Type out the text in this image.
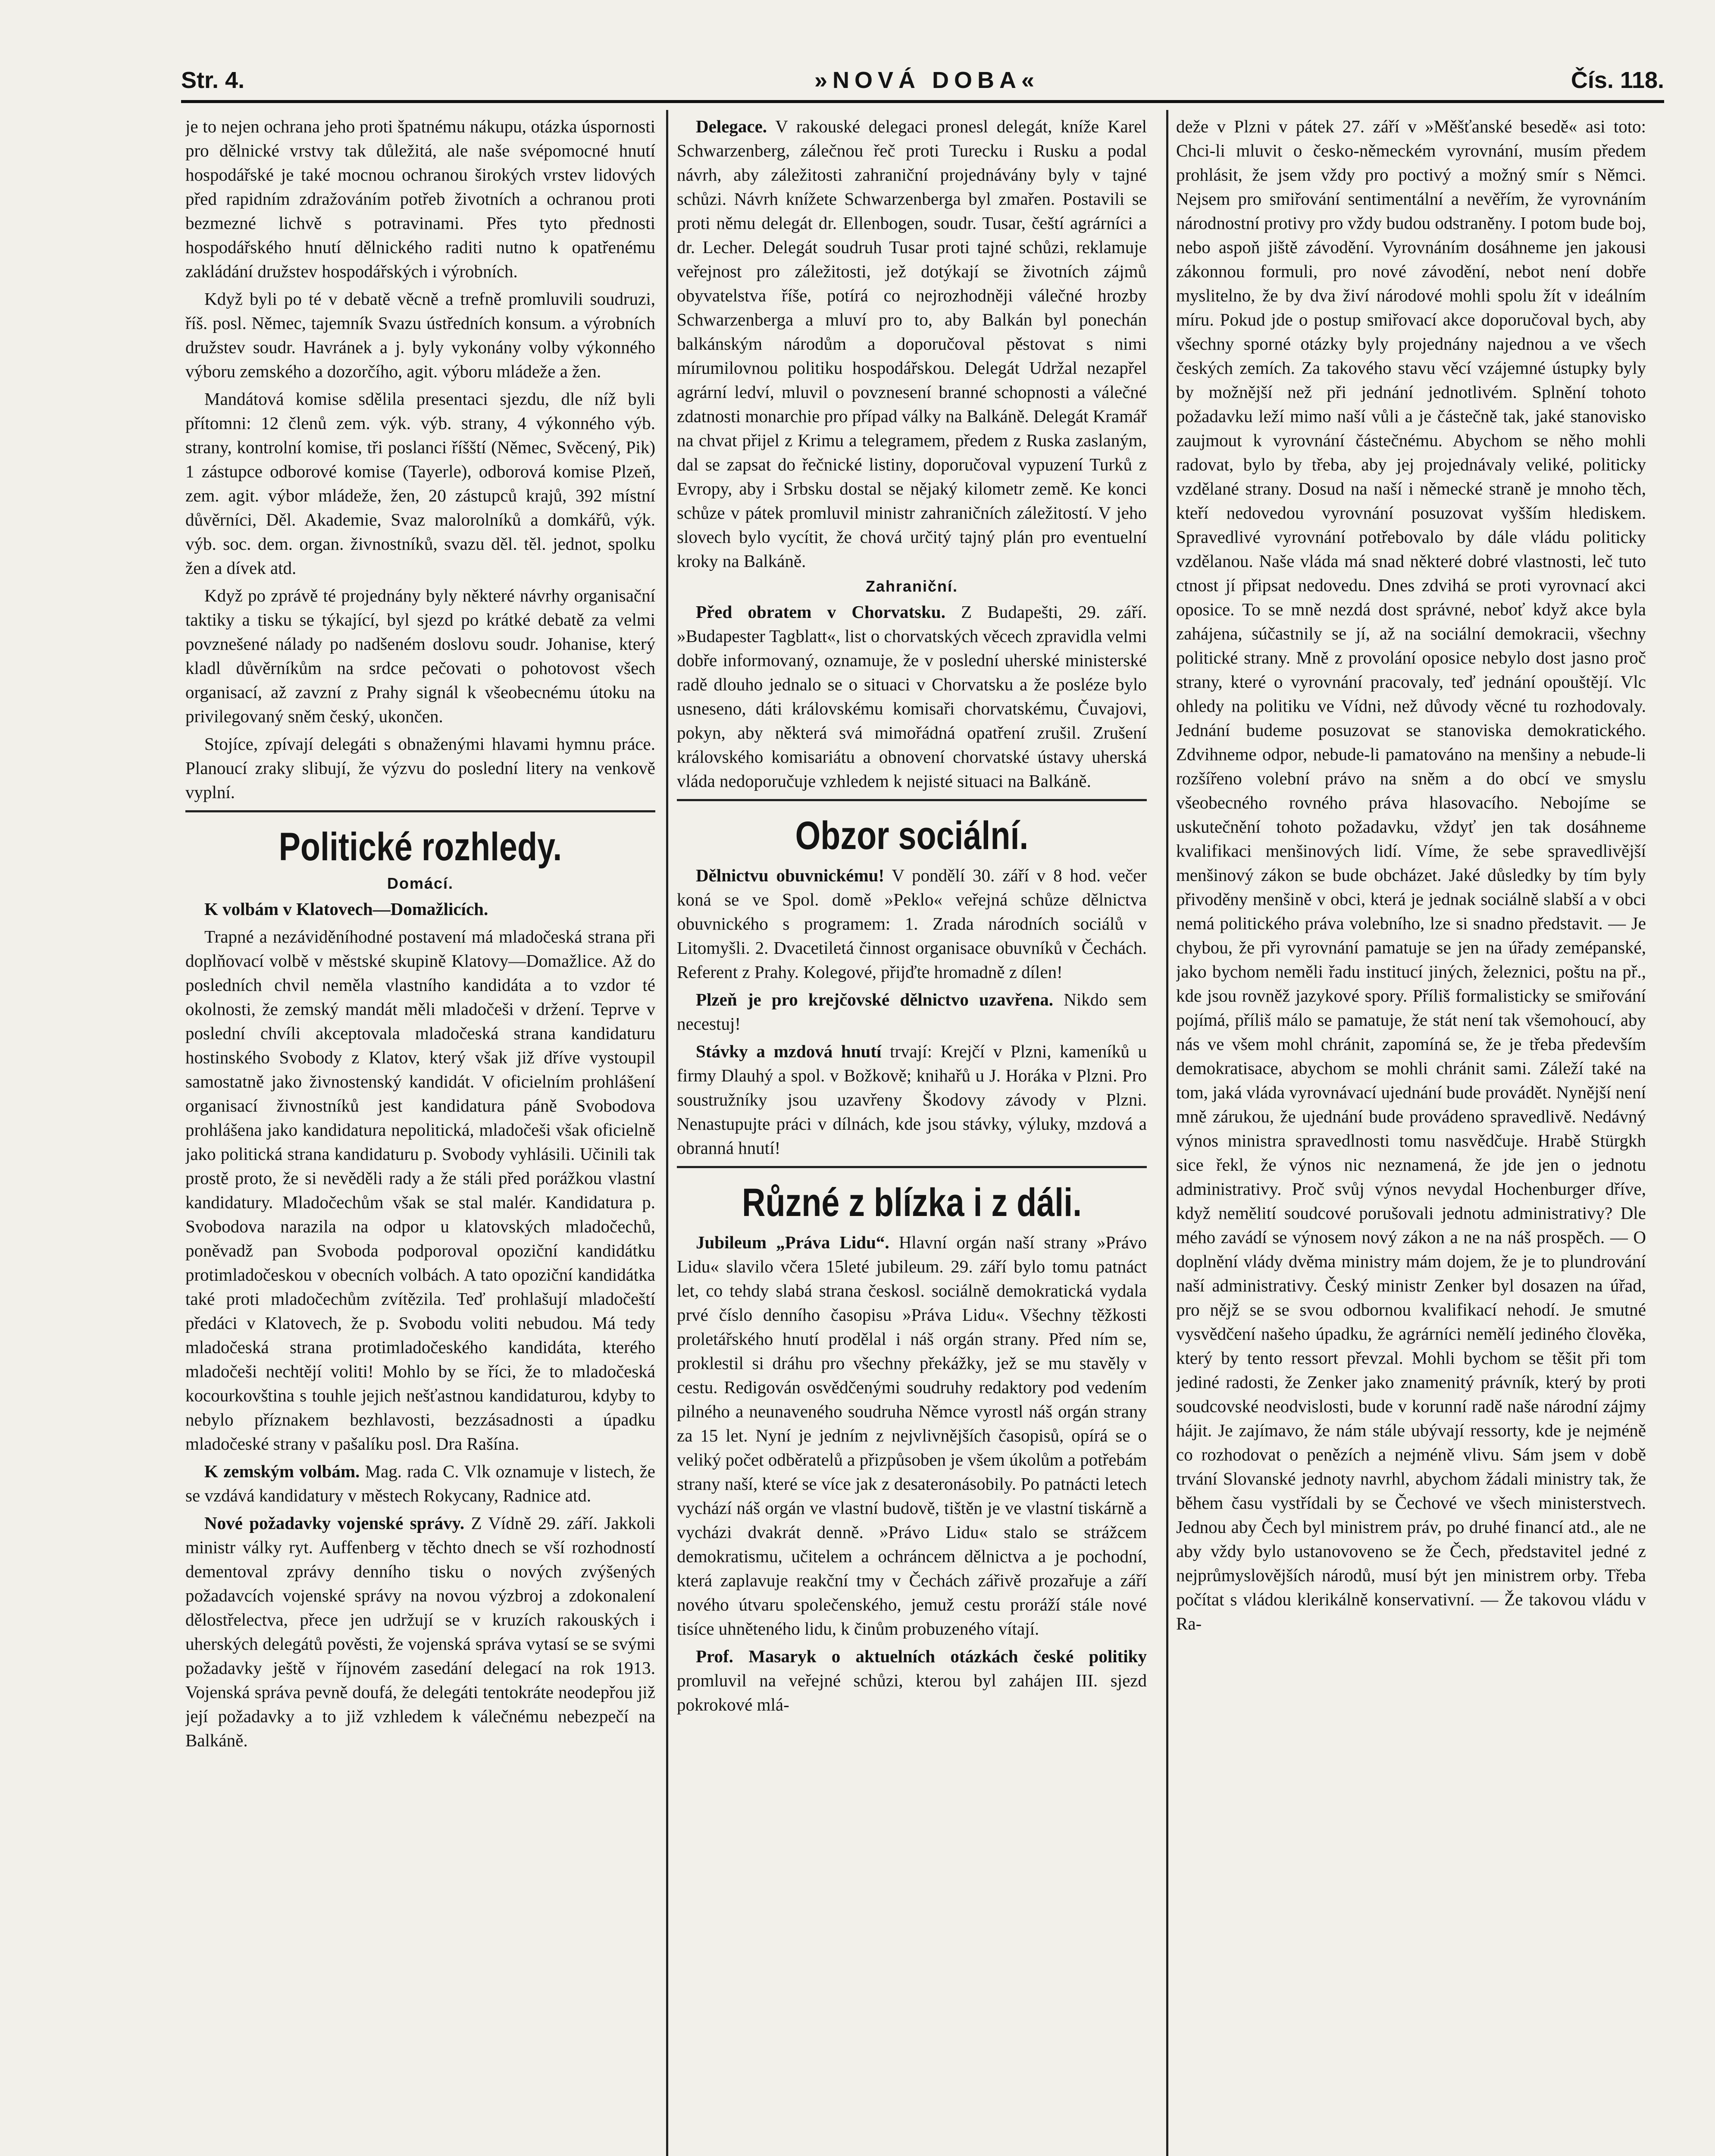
Str. 4.	»NOVÁ DOBA«	Čís. 118.

je to nejen ochrana jeho proti špatnému nákupu, otázka úspornosti pro dělnické vrstvy tak důležitá, ale naše svépomocné hnutí hospodářské je také mocnou ochranou širokých vrstev lidových před rapidním zdražováním potřeb životních a ochranou proti bezmezné lichvě s potravinami. Přes tyto přednosti hospodářského hnutí dělnického raditi nutno k opatřenému zakládání družstev hospodářských i výrobních.

Když byli po té v debatě věcně a trefně promluvili soudruzi, říš. posl. Němec, tajemník Svazu ústředních konsum. a výrobních družstev soudr. Havránek a j. byly vykonány volby výkonného výboru zemského a dozorčího, agit. výboru mládeže a žen.

Mandátová komise sdělila presentaci sjezdu, dle níž byli přítomni: 12 členů zem. výk. výb. strany, 4 výkonného výb. strany, kontrolní komise, tři poslanci říšští (Němec, Svěcený, Pik) 1 zástupce odborové komise (Tayerle), odborová komise Plzeň, zem. agit. výbor mládeže, žen, 20 zástupců krajů, 392 místní důvěrníci, Děl. Akademie, Svaz malorolníků a domkářů, výk. výb. soc. dem. organ. živnostníků, svazu děl. těl. jednot, spolku žen a dívek atd.

Když po zprávě té projednány byly některé návrhy organisační taktiky a tisku se týkající, byl sjezd po krátké debatě za velmi povznešené nálady po nadšeném doslovu soudr. Johanise, který kladl důvěrníkům na srdce pečovati o pohotovost všech organisací, až zavzní z Prahy signál k všeobecnému útoku na privilegovaný sněm český, ukončen.

Stojíce, zpívají delegáti s obnaženými hlavami hymnu práce. Planoucí zraky slibují, že výzvu do poslední litery na venkově vyplní.

Politické rozhledy.
Domácí.

K volbám v Klatovech—Domažlicích.

Trapné a nezáviděníhodné postavení má mladočeská strana při doplňovací volbě v městské skupině Klatovy—Domažlice. Až do posledních chvil neměla vlastního kandidáta a to vzdor té okolnosti, že zemský mandát měli mladočeši v držení. Teprve v poslední chvíli akceptovala mladočeská strana kandidaturu hostinského Svobody z Klatov, který však již dříve vystoupil samostatně jako živnostenský kandidát. V oficielním prohlášení organisací živnostníků jest kandidatura páně Svobodova prohlášena jako kandidatura nepolitická, mladočeši však oficielně jako politická strana kandidaturu p. Svobody vyhlásili. Učinili tak prostě proto, že si nevěděli rady a že stáli před porážkou vlastní kandidatury. Mladočechům však se stal malér. Kandidatura p. Svobodova narazila na odpor u klatovských mladočechů, poněvadž pan Svoboda podporoval opoziční kandidátku protimladočeskou v obecních volbách. A tato opoziční kandidátka také proti mladočechům zvítězila. Teď prohlašují mladočeští předáci v Klatovech, že p. Svobodu voliti nebudou. Má tedy mladočeská strana protimladočeského kandidáta, kterého mladočeši nechtějí voliti! Mohlo by se říci, že to mladočeská kocourkovština s touhle jejich nešťastnou kandidaturou, kdyby to nebylo příznakem bezhlavosti, bezzásadnosti a úpadku mladočeské strany v pašalíku posl. Dra Rašína.

K zemským volbám. Mag. rada C. Vlk oznamuje v listech, že se vzdává kandidatury v městech Rokycany, Radnice atd.

Nové požadavky vojenské správy. Z Vídně 29. září. Jakkoli ministr války ryt. Auffenberg v těchto dnech se vší rozhodností dementoval zprávy denního tisku o nových zvýšených požadavcích vojenské správy na novou výzbroj a zdokonalení dělostřelectva, přece jen udržují se v kruzích rakouských i uherských delegátů pověsti, že vojenská správa vytasí se se svými požadavky ještě v říjnovém zasedání delegací na rok 1913. Vojenská správa pevně doufá, že delegáti tentokráte neodepřou již její požadavky a to již vzhledem k válečnému nebezpečí na Balkáně.

Delegace. V rakouské delegaci pronesl delegát, kníže Karel Schwarzenberg, zálečnou řeč proti Turecku i Rusku a podal návrh, aby záležitosti zahraniční projednávány byly v tajné schůzi. Návrh knížete Schwarzenberga byl zmařen. Postavili se proti němu delegát dr. Ellenbogen, soudr. Tusar, čeští agrárníci a dr. Lecher. Delegát soudruh Tusar proti tajné schůzi, reklamuje veřejnost pro záležitosti, jež dotýkají se životních zájmů obyvatelstva říše, potírá co nejrozhodněji válečné hrozby Schwarzenberga a mluví pro to, aby Balkán byl ponechán balkánským národům a doporučoval pěstovat s nimi mírumilovnou politiku hospodářskou. Delegát Udržal nezapřel agrární ledví, mluvil o povznesení branné schopnosti a válečné zdatnosti monarchie pro případ války na Balkáně. Delegát Kramář na chvat přijel z Krimu a telegramem, předem z Ruska zaslaným, dal se zapsat do řečnické listiny, doporučoval vypuzení Turků z Evropy, aby i Srbsku dostal se nějaký kilometr země. Ke konci schůze v pátek promluvil ministr zahraničních záležitostí. V jeho slovech bylo vycítit, že chová určitý tajný plán pro eventuelní kroky na Balkáně.

Zahraniční.

Před obratem v Chorvatsku. Z Budapešti, 29. září. »Budapester Tagblatt«, list o chorvatských věcech zpravidla velmi dobře informovaný, oznamuje, že v poslední uherské ministerské radě dlouho jednalo se o situaci v Chorvatsku a že posléze bylo usneseno, dáti královskému komisaři chorvatskému, Čuvajovi, pokyn, aby některá svá mimořádná opatření zrušil. Zrušení královského komisariátu a obnovení chorvatské ústavy uherská vláda nedoporučuje vzhledem k nejisté situaci na Balkáně.

Obzor sociální.

Dělnictvu obuvnickému! V pondělí 30. září v 8 hod. večer koná se ve Spol. domě »Peklo« veřejná schůze dělnictva obuvnického s programem: 1. Zrada národních sociálů v Litomyšli. 2. Dvacetiletá činnost organisace obuvníků v Čechách. Referent z Prahy. Kolegové, přijďte hromadně z dílen!

Plzeň je pro krejčovské dělnictvo uzavřena. Nikdo sem necestuj!

Stávky a mzdová hnutí trvají: Krejčí v Plzni, kameníků u firmy Dlauhý a spol. v Božkově; knihařů u J. Horáka v Plzni. Pro soustružníky jsou uzavřeny Škodovy závody v Plzni. Nenastupujte práci v dílnách, kde jsou stávky, výluky, mzdová a obranná hnutí!

Různé z blízka i z dáli.

Jubileum „Práva Lidu“. Hlavní orgán naší strany »Právo Lidu« slavilo včera 15leté jubileum. 29. září bylo tomu patnáct let, co tehdy slabá strana českosl. sociálně demokratická vydala prvé číslo denního časopisu »Práva Lidu«. Všechny těžkosti proletářského hnutí prodělal i náš orgán strany. Před ním se, proklestil si dráhu pro všechny překážky, jež se mu stavěly v cestu. Redigován osvědčenými soudruhy redaktory pod vedením pilného a neunaveného soudruha Němce vyrostl náš orgán strany za 15 let. Nyní je jedním z nejvlivnějších časopisů, opírá se o veliký počet odběratelů a přizpůsoben je všem úkolům a potřebám strany naší, které se více jak z desateronásobily. Po patnácti letech vychází náš orgán ve vlastní budově, tištěn je ve vlastní tiskárně a vycházi dvakrát denně. »Právo Lidu« stalo se strážcem demokratismu, učitelem a ochráncem dělnictva a je pochodní, která zaplavuje reakční tmy v Čechách zářivě prozařuje a září nového útvaru společenského, jemuž cestu proráží stále nové tisíce uhněteného lidu, k činům probuzeného vítají.

Prof. Masaryk o aktuelních otázkách české politiky promluvil na veřejné schůzi, kterou byl zahájen III. sjezd pokrokové mlá-

deže v Plzni v pátek 27. září v »Měšťanské besedě« asi toto: Chci-li mluvit o česko-německém vyrovnání, musím předem prohlásit, že jsem vždy pro poctivý a možný smír s Němci. Nejsem pro smiřování sentimentální a nevěřím, že vyrovnáním národnostní protivy pro vždy budou odstraněny. I potom bude boj, nebo aspoň jiště závodění. Vyrovnáním dosáhneme jen jakousi zákonnou formuli, pro nové závodění, nebot není dobře myslitelno, že by dva živí národové mohli spolu žít v ideálním míru. Pokud jde o postup smiřovací akce doporučoval bych, aby všechny sporné otázky byly projednány najednou a ve všech českých zemích. Za takového stavu věcí vzájemné ústupky byly by možnější než při jednání jednotlivém. Splnění tohoto požadavku leží mimo naší vůli a je částečně tak, jaké stanovisko zaujmout k vyrovnání částečnému. Abychom se něho mohli radovat, bylo by třeba, aby jej projednávaly veliké, politicky vzdělané strany. Dosud na naší i německé straně je mnoho těch, kteří nedovedou vyrovnání posuzovat vyšším hlediskem. Spravedlivé vyrovnání potřebovalo by dále vládu politicky vzdělanou. Naše vláda má snad některé dobré vlastnosti, leč tuto ctnost jí připsat nedovedu. Dnes zdvihá se proti vyrovnací akci oposice. To se mně nezdá dost správné, neboť když akce byla zahájena, súčastnily se jí, až na sociální demokracii, všechny politické strany. Mně z provolání oposice nebylo dost jasno proč strany, které o vyrovnání pracovaly, teď jednání opouštějí. Vlc ohledy na politiku ve Vídni, než důvody věcné tu rozhodovaly. Jednání budeme posuzovat se stanoviska demokratického. Zdvihneme odpor, nebude-li pamatováno na menšiny a nebude-li rozšířeno volební právo na sněm a do obcí ve smyslu všeobecného rovného práva hlasovacího. Nebojíme se uskutečnění tohoto požadavku, vždyť jen tak dosáhneme kvalifikaci menšinových lidí. Víme, že sebe spravedlivější menšinový zákon se bude obcházet. Jaké důsledky by tím byly přivoděny menšině v obci, která je jednak sociálně slabší a v obci nemá politického práva volebního, lze si snadno představit. — Je chybou, že při vyrovnání pamatuje se jen na úřady zemépanské, jako bychom neměli řadu institucí jiných, železnici, poštu na př., kde jsou rovněž jazykové spory. Příliš formalisticky se smiřování pojímá, příliš málo se pamatuje, že stát není tak všemohoucí, aby nás ve všem mohl chránit, zapomíná se, že je třeba především demokratisace, abychom se mohli chránit sami. Záleží také na tom, jaká vláda vyrovnávací ujednání bude provádět. Nynější není mně zárukou, že ujednání bude provádeno spravedlivě. Nedávný výnos ministra spravedlnosti tomu nasvědčuje. Hrabě Stürgkh sice řekl, že výnos nic neznamená, že jde jen o jednotu administrativy. Proč svůj výnos nevydal Hochenburger dříve, když nemělití soudcové porušovali jednotu administrativy? Dle mého zavádí se výnosem nový zákon a ne na náš prospěch. — O doplnění vlády dvěma ministry mám dojem, že je to plundrování naší administrativy. Český ministr Zenker byl dosazen na úřad, pro nějž se se svou odbornou kvalifikací nehodí. Je smutné vysvědčení našeho úpadku, že agrárníci nemělí jediného člověka, který by tento ressort převzal. Mohli bychom se těšit při tom jediné radosti, že Zenker jako znamenitý právník, který by proti soudcovské neodvislosti, bude v korunní radě naše národní zájmy hájit. Je zajímavo, že nám stále ubývají ressorty, kde je nejméně co rozhodovat o penězích a nejméně vlivu. Sám jsem v době trvání Slovanské jednoty navrhl, abychom žádali ministry tak, že během času vystřídali by se Čechové ve všech ministerstvech. Jednou aby Čech byl ministrem práv, po druhé financí atd., ale ne aby vždy bylo ustanovoveno se že Čech, představitel jedné z nejprůmyslovějších národů, musí být jen ministrem orby. Třeba počítat s vládou klerikálně konservativní. — Že takovou vládu v Ra-
